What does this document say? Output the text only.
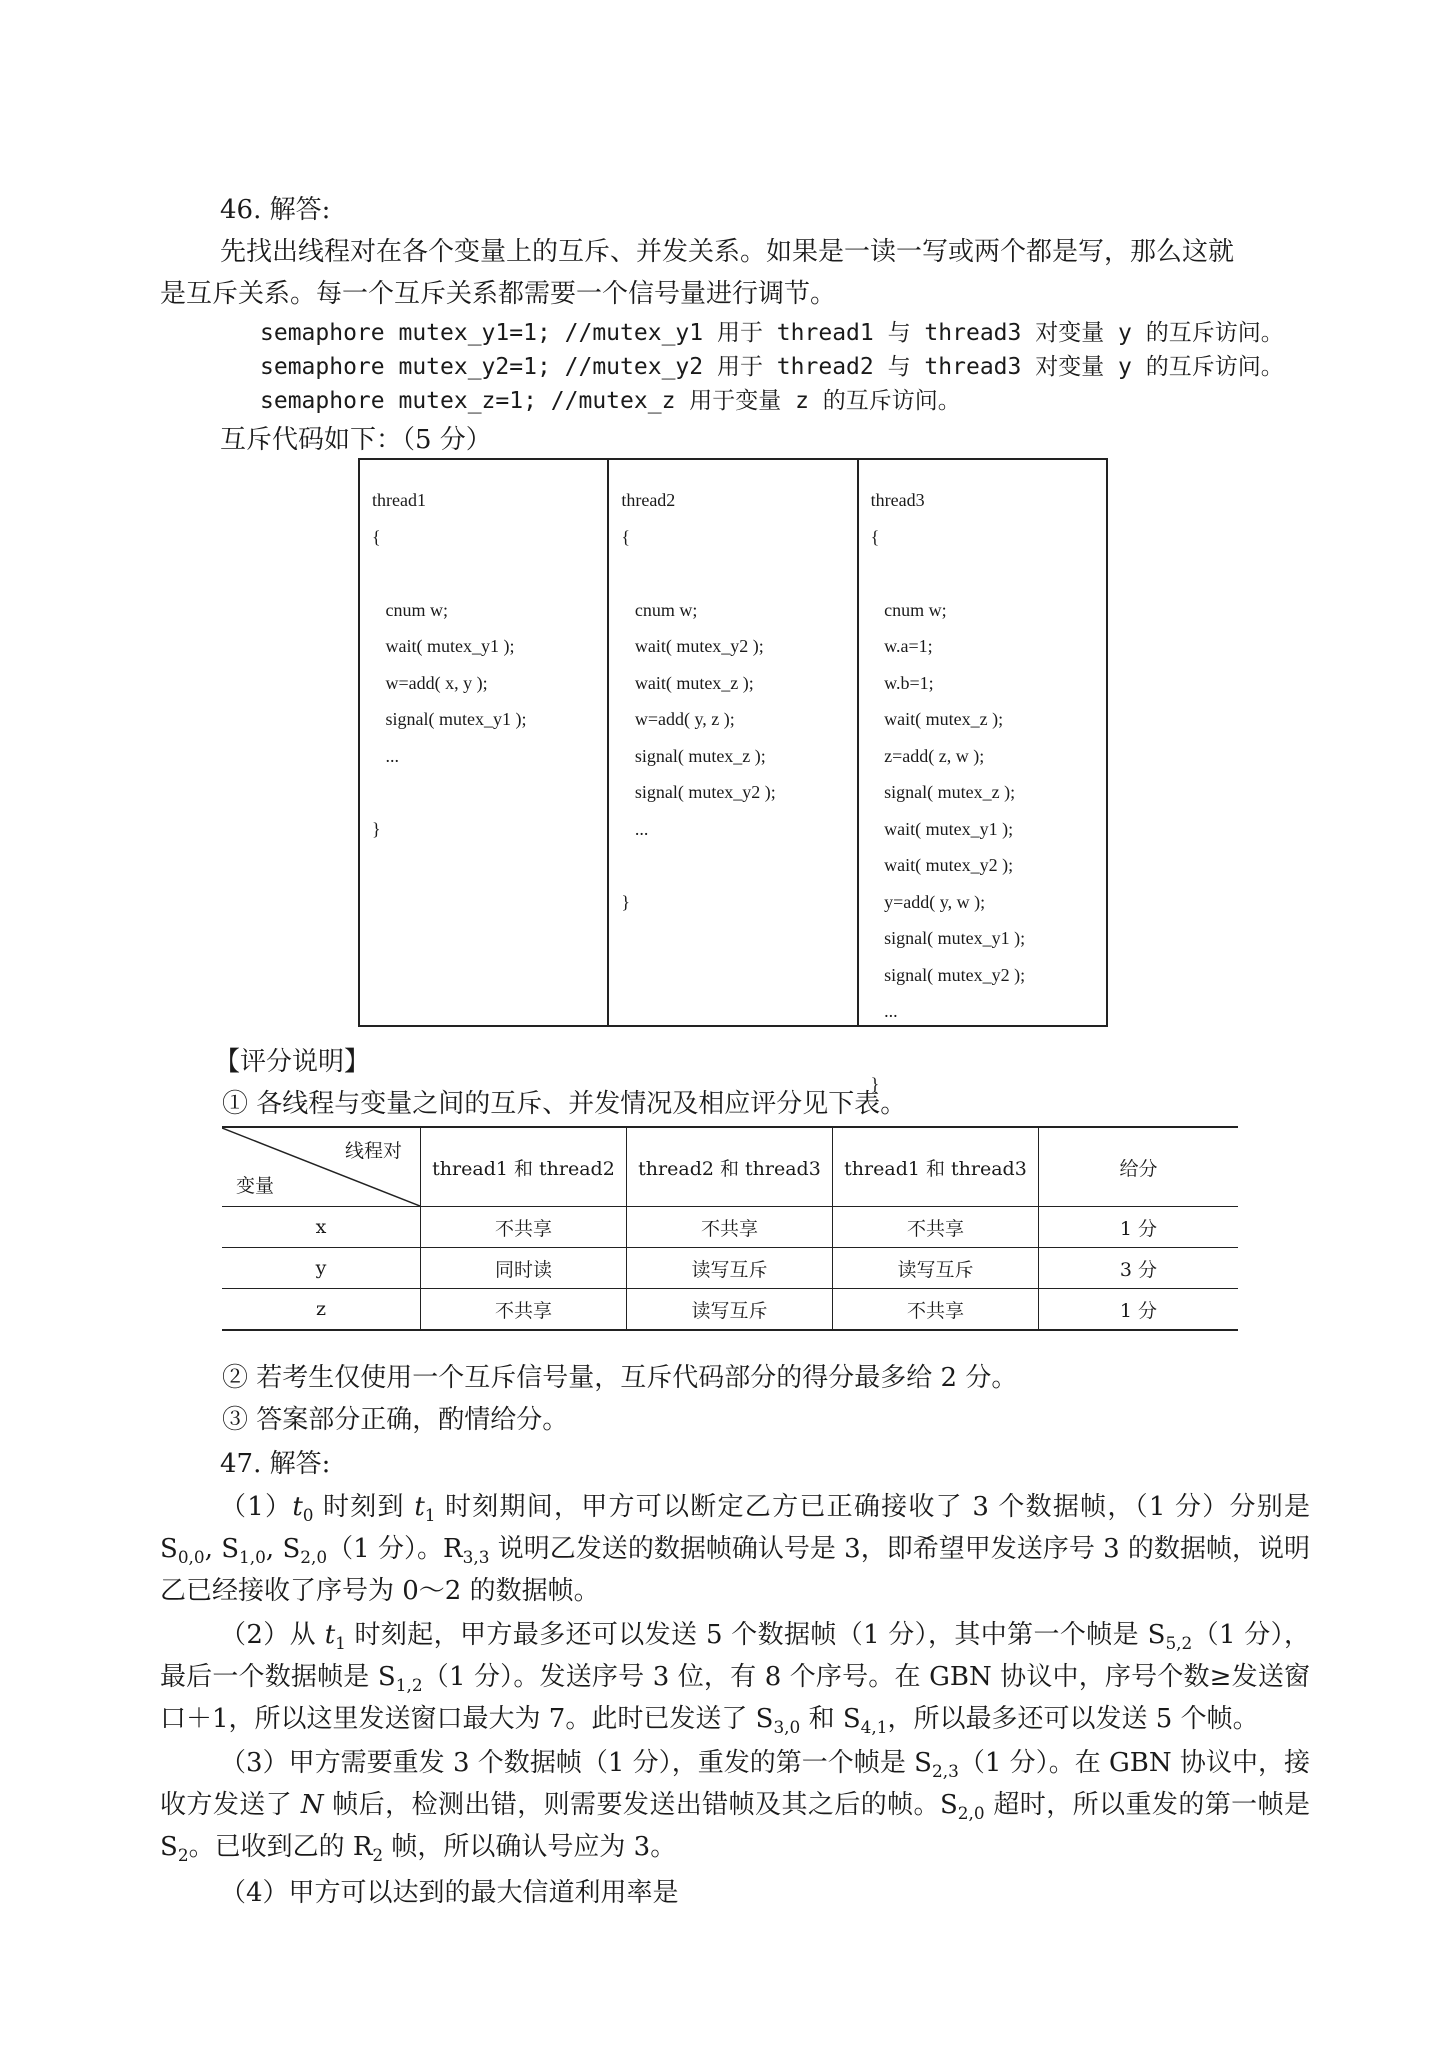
46. 解答:
先找出线程对在各个变量上的互斥、并发关系。如果是一读一写或两个都是写，那么这就
是互斥关系。每一个互斥关系都需要一个信号量进行调节。
semaphore mutex_y1=1; //mutex_y1 用于 thread1 与 thread3 对变量 y 的互斥访问。
semaphore mutex_y2=1; //mutex_y2 用于 thread2 与 thread3 对变量 y 的互斥访问。
semaphore mutex_z=1; //mutex_z 用于变量 z 的互斥访问。
互斥代码如下：（5 分）
thread1
{

cnum w;
wait( mutex_y1 );
w=add( x, y );
signal( mutex_y1 );
...

}
thread2
{

cnum w;
wait( mutex_y2 );
wait( mutex_z );
w=add( y, z );
signal( mutex_z );
signal( mutex_y2 );
...

}
thread3
{

cnum w;
w.a=1;
w.b=1;
wait( mutex_z );
z=add( z, w );
signal( mutex_z );
wait( mutex_y1 );
wait( mutex_y2 );
y=add( y, w );
signal( mutex_y1 );
signal( mutex_y2 );
...

}
【评分说明】
① 各线程与变量之间的互斥、并发情况及相应评分见下表。
线程对
变量	thread1 和 thread2	thread2 和 thread3	thread1 和 thread3	给分
x	不共享	不共享	不共享	1 分
y	同时读	读写互斥	读写互斥	3 分
z	不共享	读写互斥	不共享	1 分
② 若考生仅使用一个互斥信号量，互斥代码部分的得分最多给 2 分。
③ 答案部分正确，酌情给分。
47. 解答:
$(1)t_0$ 时刻到 $t_1$ 时刻期间，甲方可以断定乙方已正确接收了 3 个数据帧，（1 分）分别是 $S_{0,0}$, $S_{1,0}$, $S_{2,0}(1$ 分）。$R_{3,3}$ 说明乙发送的数据帧确认号是 3，即希望甲发送序号 3 的数据帧，说明乙已经接收了序号为 0～2 的数据帧。
（2）从 $t_1$ 时刻起，甲方最多还可以发送 5 个数据帧（1 分），其中第一个帧是 $S_{5,2}(1$ 分），最后一个数据帧是 $S_{1,2}(1$ 分）。发送序号 3 位，有 8 个序号。在 GBN 协议中，序号个数≥发送窗口＋1，所以这里发送窗口最大为 7。此时已发送了 $S_{3,0}$ 和 $S_{4,1}$，所以最多还可以发送 5 个帧。
（3）甲方需要重发 3 个数据帧（1 分），重发的第一个帧是 $S_{2,3}(1$ 分）。在 GBN 协议中，接收方发送了 N 帧后，检测出错，则需要发送出错帧及其之后的帧。$S_{2,0}$ 超时，所以重发的第一帧是 $S_2$。已收到乙的 $R_2$ 帧，所以确认号应为 3。
（4）甲方可以达到的最大信道利用率是
